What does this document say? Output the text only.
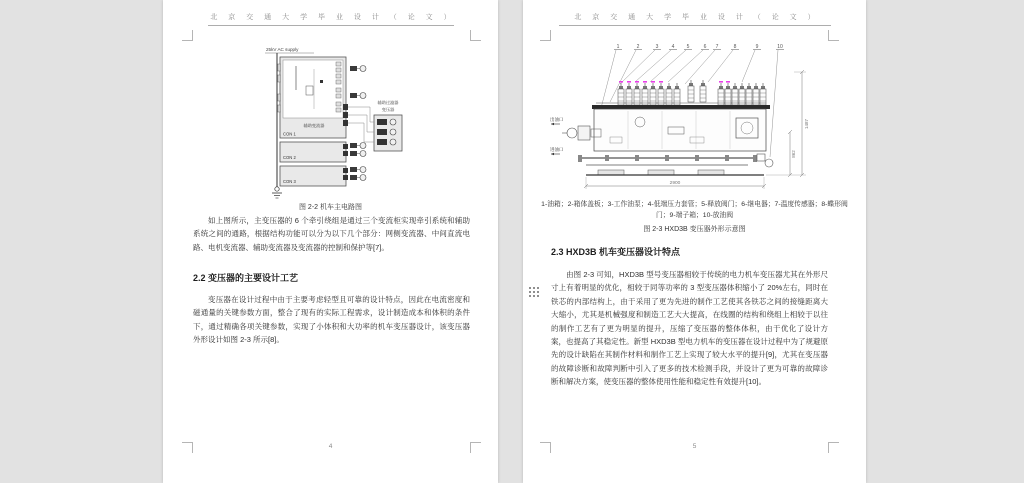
北 京 交 通 大 学 毕 业 设 计 （ 论 文 ）
25kV AC supply
辅助变流器
CON 1
CON 2
CON 3
辅助过滤器
变压器
图 2-2 机车主电路图
如上图所示，主变压器的 6 个牵引绕组是通过三个变流柜实现牵引系统和辅助系统之间的通路，根据结构功能可以分为以下几个部分：网侧变流器、中间直流电路、电机变流器、辅助变流器及变流器的控制和保护等[7]。
2.2 变压器的主要设计工艺
变压器在设计过程中由于主要考虑轻型且可靠的设计特点，因此在电流密度和磁通量的关键参数方面，整合了现有的实际工程需求，设计制造成本和体积的条件下，通过精确各项关键参数，实现了小体积和大功率的机车变压器设计，该变压器外形设计如图 2-3 所示[8]。
4
北 京 交 通 大 学 毕 业 设 计 （ 论 文 ）
1	2	3	4 5	6 7	8	9	10
出油口
进油口
2900
1487
862
1-油箱；2-箱体盖板；3-工作油泵；4-低端压力套管；5-释放阀门；6-继电器；7-温度传感器；8-蝶形阀门；9-端子箱；10-放油阀
图 2-3 HXD3B 变压器外形示意图
2.3 HXD3B 机车变压器设计特点
由图 2-3 可知，HXD3B 型号变压器相较于传统的电力机车变压器尤其在外形尺寸上有着明显的优化，相较于同等功率的 3 型变压器体积缩小了 20%左右，同时在铁芯的内部结构上，由于采用了更为先进的制作工艺使其各铁芯之间的接缝距离大大缩小，尤其是机械强度和制造工艺大大提高，在线圈的结构和绕组上相较于以往的制作工艺有了更为明显的提升，压缩了变压器的整体体积，由于优化了设计方案，也提高了其稳定性。新型 HXD3B 型电力机车的变压器在设计过程中为了规避原先的设计缺陷在其制作材料和制作工艺上实现了较大水平的提升[9]，尤其在变压器的故障诊断和故障判断中引入了更多的技术检测手段，并设计了更为可靠的故障诊断和解决方案，使变压器的整体使用性能和稳定性有效提升[10]。
5
